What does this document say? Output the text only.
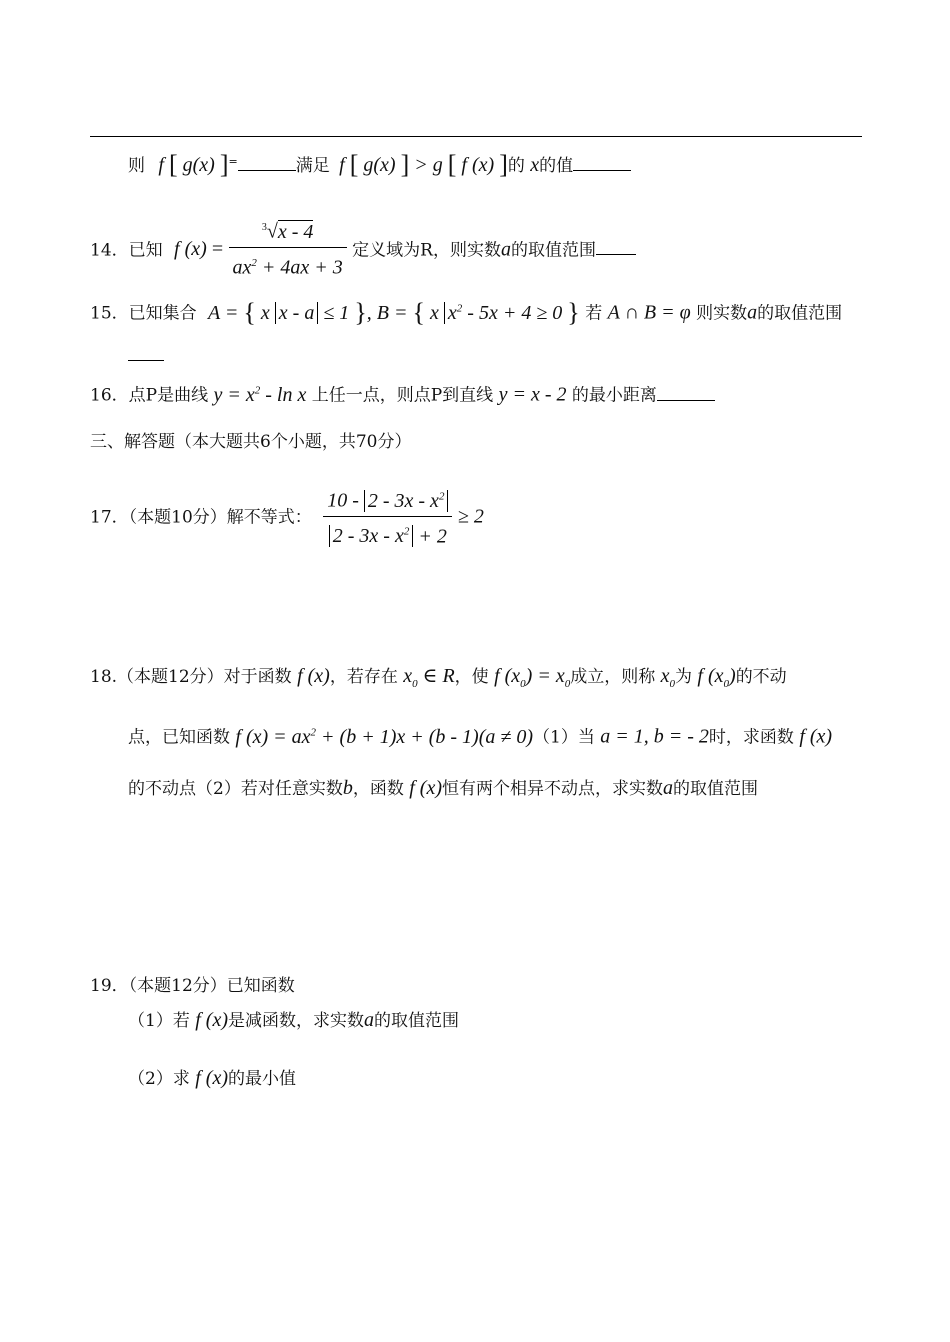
则 f [ g(x) ]=	满足 f [ g(x) ] > g [ f (x) ]的 x的值
14．已知 f $(x) = \frac{^3√x - 4}{ax^2 + 4ax + 3}$ 定义域为R，则实数a的取值范围
15．已知集合 A = { x x - a ≤ 1 }, B = { x $x^2 - 5x + 4 \ge 0$ } 若 A ∩ B = φ 则实数a的取值范围
16．点P是曲线 $y = x^2 - \ln x$ 上任一点，则点P到直线 y = x - 2 的最小距离
三、解答题（本大题共6个小题，共70分）
17．（本题10分）解不等式： $\frac{10 - 2 - 3x - x^2}{2 - 3x - x^2 + 2} \ge 2$
18.（本题12分）对于函数 f (x)，若存在 $x_0$ ∈ R，使 f $(x_0) = x_0$成立，则称 $x_0$为 f $(x_0)$的不动
点，已知函数 f $(x) = ax^2 + (b + 1)x + (b - 1)(a \ne 0)(1)$当 a = 1, b = - 2时，求函数 f (x)
的不动点（2）若对任意实数b，函数 f (x)恒有两个相异不动点，求实数a的取值范围
19．（本题12分）已知函数
（1）若 f (x)是减函数，求实数a的取值范围
（2）求 f (x)的最小值
